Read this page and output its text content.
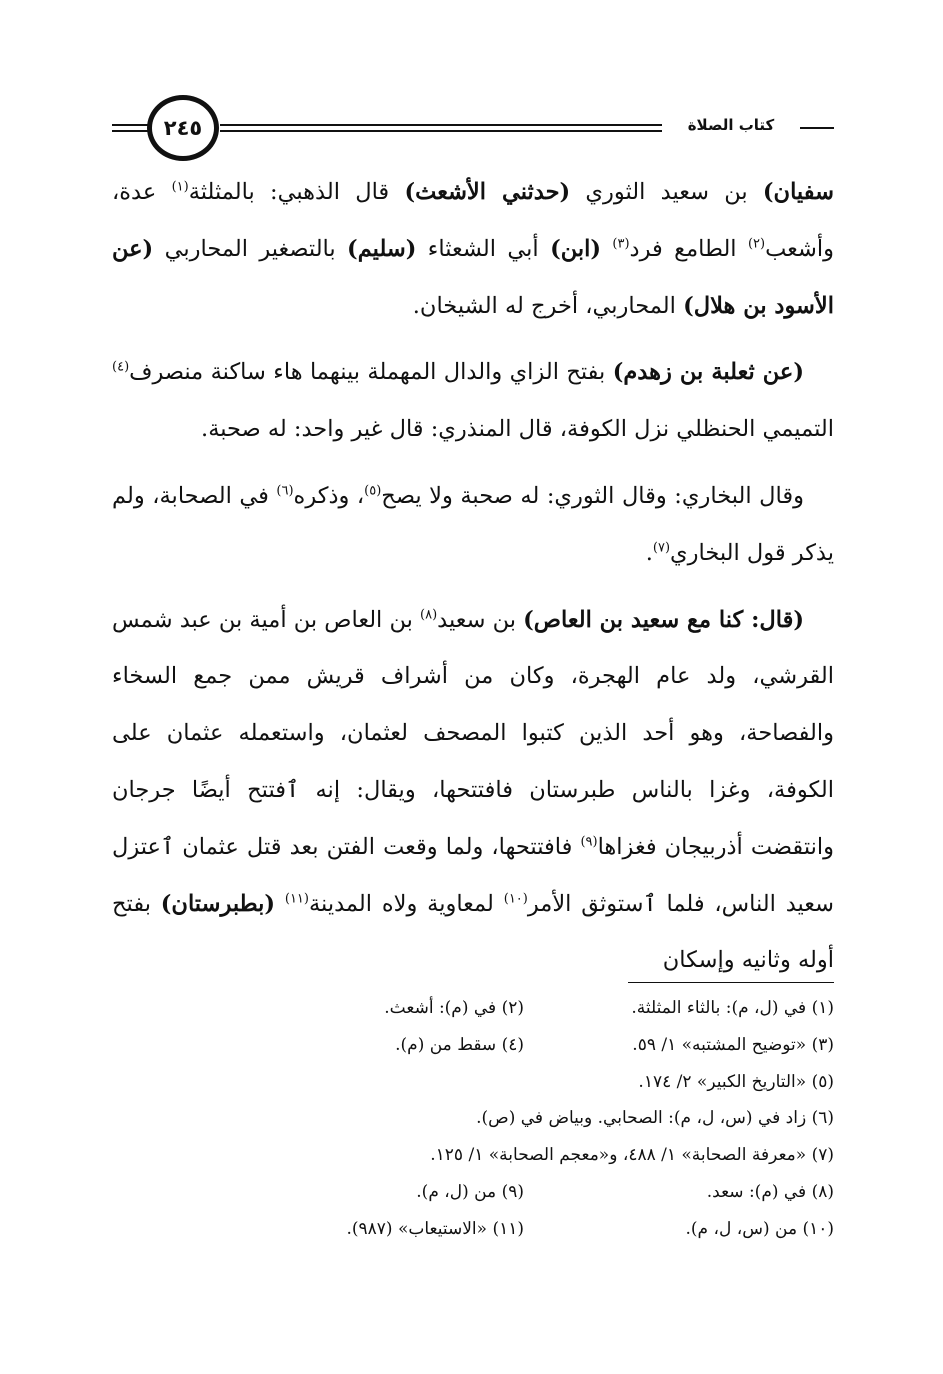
٢٤٥	كتاب الصلاة

سفيان) بن سعيد الثوري (حدثني الأشعث) قال الذهبي: بالمثلثة$^{(١)}$ عدة، وأشعب$^{(٢)}$ الطامع فرد$^{(٣)}$ (ابن) أبي الشعثاء (سليم) بالتصغير المحاربي (عن الأسود بن هلال) المحاربي، أخرج له الشيخان.

(عن ثعلبة بن زهدم) بفتح الزاي والدال المهملة بينهما هاء ساكنة منصرف$^{(٤)}$ التميمي الحنظلي نزل الكوفة، قال المنذري: قال غير واحد: له صحبة.

وقال البخاري: وقال الثوري: له صحبة ولا يصح$^{(٥)}$، وذكره$^{(٦)}$ في الصحابة، ولم يذكر قول البخاري$^{(٧)}$.

(قال: كنا مع سعيد بن العاص) بن سعيد$^{(٨)}$ بن العاص بن أمية بن عبد شمس القرشي، ولد عام الهجرة، وكان من أشراف قريش ممن جمع السخاء والفصاحة، وهو أحد الذين كتبوا المصحف لعثمان، واستعمله عثمان على الكوفة، وغزا بالناس طبرستان فافتتحها، ويقال: إنه ٱفتتح أيضًا جرجان وانتقضت أذربيجان فغزاها$^{(٩)}$ فافتتحها، ولما وقعت الفتن بعد قتل عثمان ٱعتزل سعيد الناس، فلما ٱستوثق الأمر$^{(١٠)}$ لمعاوية ولاه المدينة$^{(١١)}$ (بطبرستان) بفتح أوله وثانيه وإسكان

(١) في (ل، م): بالثاء المثلثة.
(٢) في (م): أشعث.
(٣) «توضيح المشتبه» ١/ ٥٩.
(٤) سقط من (م).
(٥) «التاريخ الكبير» ٢/ ١٧٤.
(٦) زاد في (س، ل، م): الصحابي. وبياض في (ص).
(٧) «معرفة الصحابة» ١/ ٤٨٨، و«معجم الصحابة» ١/ ١٢٥.
(٨) في (م): سعد.
(٩) من (ل، م).
(١٠) من (س، ل، م).
(١١) «الاستيعاب» (٩٨٧).
